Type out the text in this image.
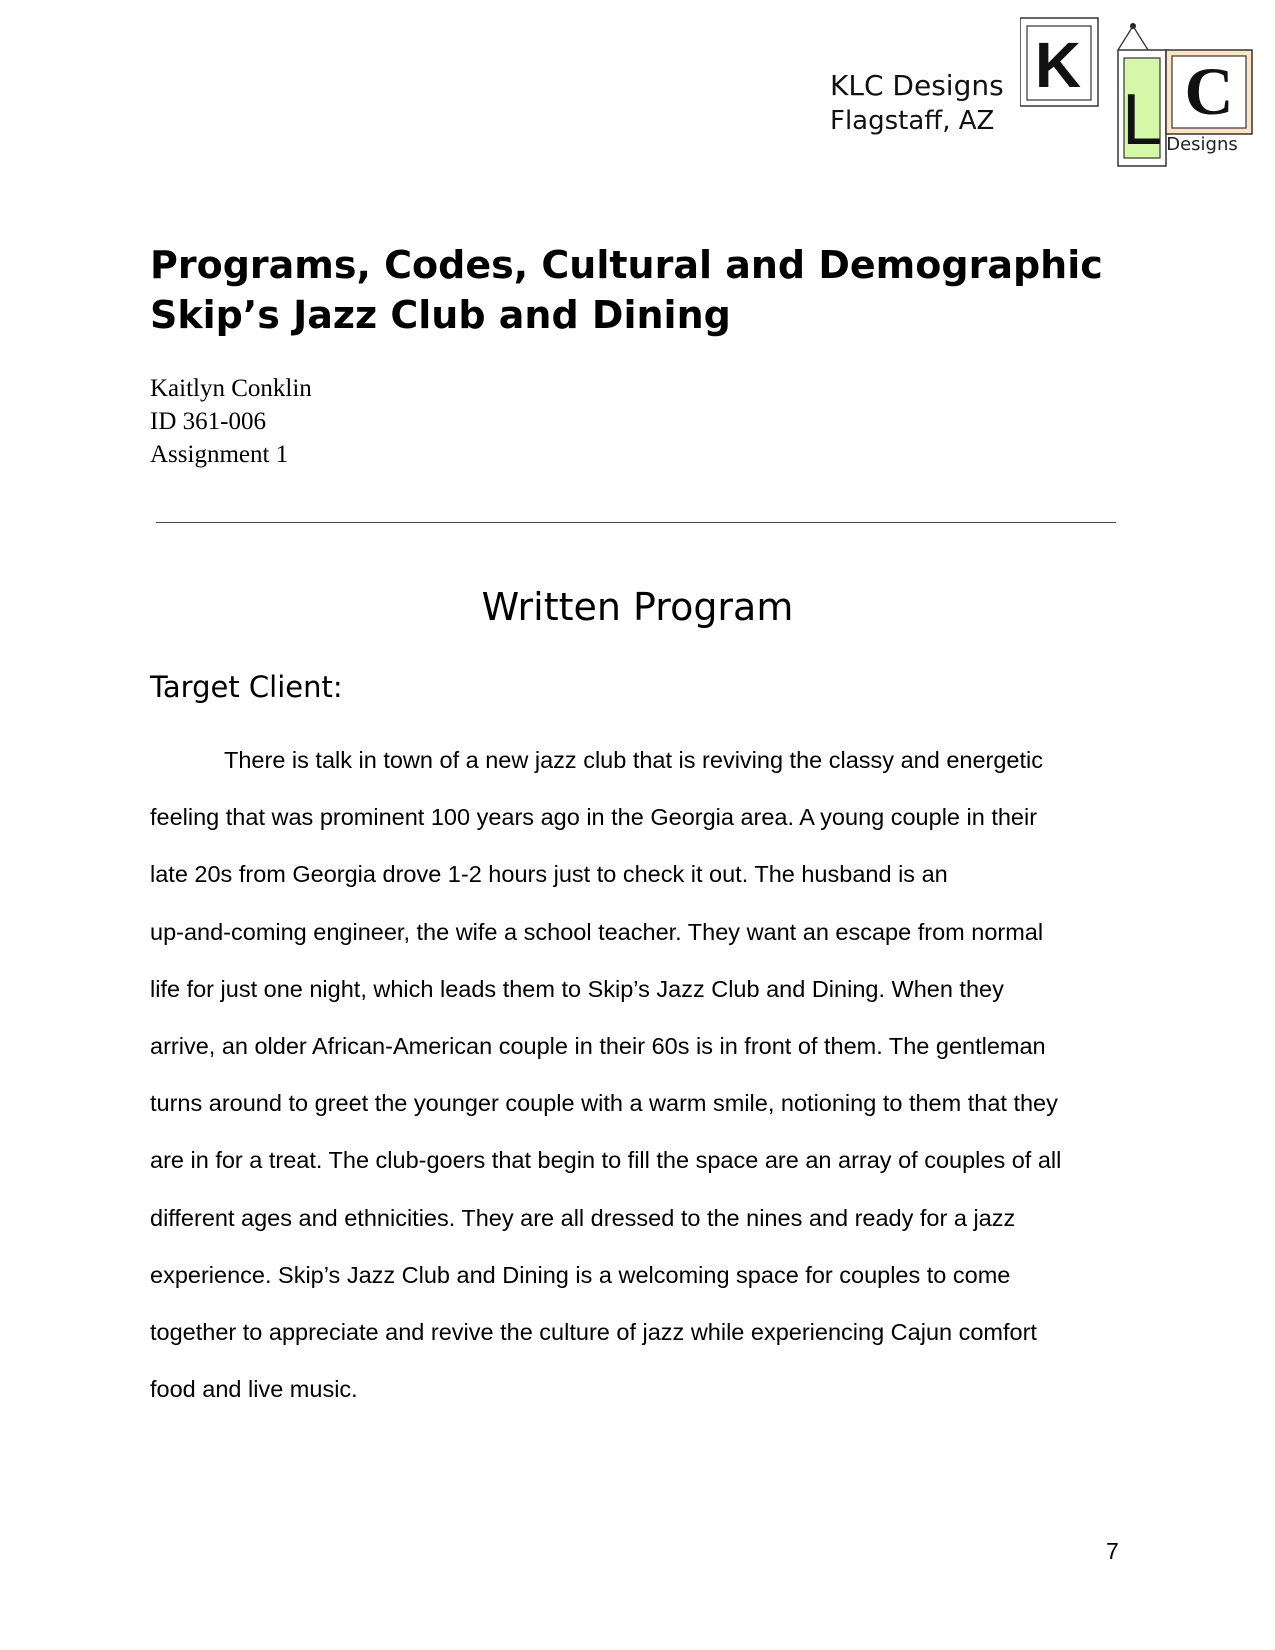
KLC Designs
Flagstaff, AZ
K
L C
Designs
Programs, Codes, Cultural and Demographic
Skip’s Jazz Club and Dining
Kaitlyn Conklin
ID 361-006
Assignment 1
Written Program
Target Client:
There is talk in town of a new jazz club that is reviving the classy and energetic
feeling that was prominent 100 years ago in the Georgia area. A young couple in their
late 20s from Georgia drove 1-2 hours just to check it out. The husband is an
up-and-coming engineer, the wife a school teacher. They want an escape from normal
life for just one night, which leads them to Skip’s Jazz Club and Dining. When they
arrive, an older African-American couple in their 60s is in front of them. The gentleman
turns around to greet the younger couple with a warm smile, notioning to them that they
are in for a treat. The club-goers that begin to fill the space are an array of couples of all
different ages and ethnicities. They are all dressed to the nines and ready for a jazz
experience. Skip’s Jazz Club and Dining is a welcoming space for couples to come
together to appreciate and revive the culture of jazz while experiencing Cajun comfort
food and live music.
7
